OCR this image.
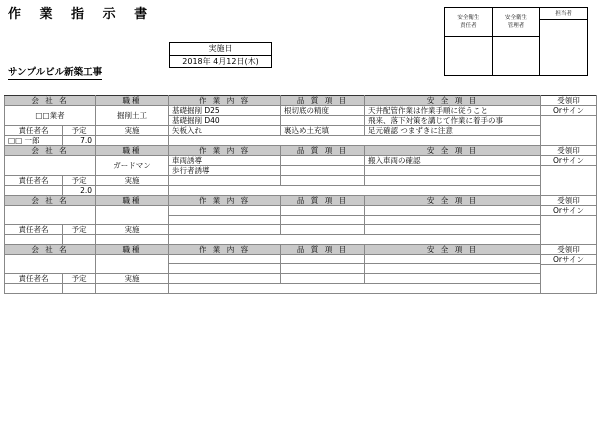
作 業 指 示 書	安全衛生
責任者
安全衛生
管理者
担当者
実施日
2018年 4月12日(木)
サンプルビル新築工事
会 社 名		職種	作 業 内 容	品 質 項 目	安 全 項 目	受領印
□□業者		掘削土工	基礎掘削 D25	根切底の精度	天井配管作業は作業手順に従うこと	Orサイン

			基礎掘削 D40		飛来、落下対策を講じて作業に着手の事	

			矢板入れ	裏込め土充填	足元確認 つまずきに注意	
責任者名	予定	実施				
□□ 一郎	7.0					

会 社 名		職種	作 業 内 容	品 質 項 目	安 全 項 目	受領印
		ガードマン	車両誘導		搬入車両の確認	Orサイン

			歩行者誘導			

責任者名	予定	実施				
	2.0					

会 社 名		職種	作 業 内 容	品 質 項 目	安 全 項 目	受領印
						Orサイン

責任者名	予定	実施				

会 社 名		職種	作 業 内 容	品 質 項 目	安 全 項 目	受領印
						Orサイン

責任者名	予定	実施				
